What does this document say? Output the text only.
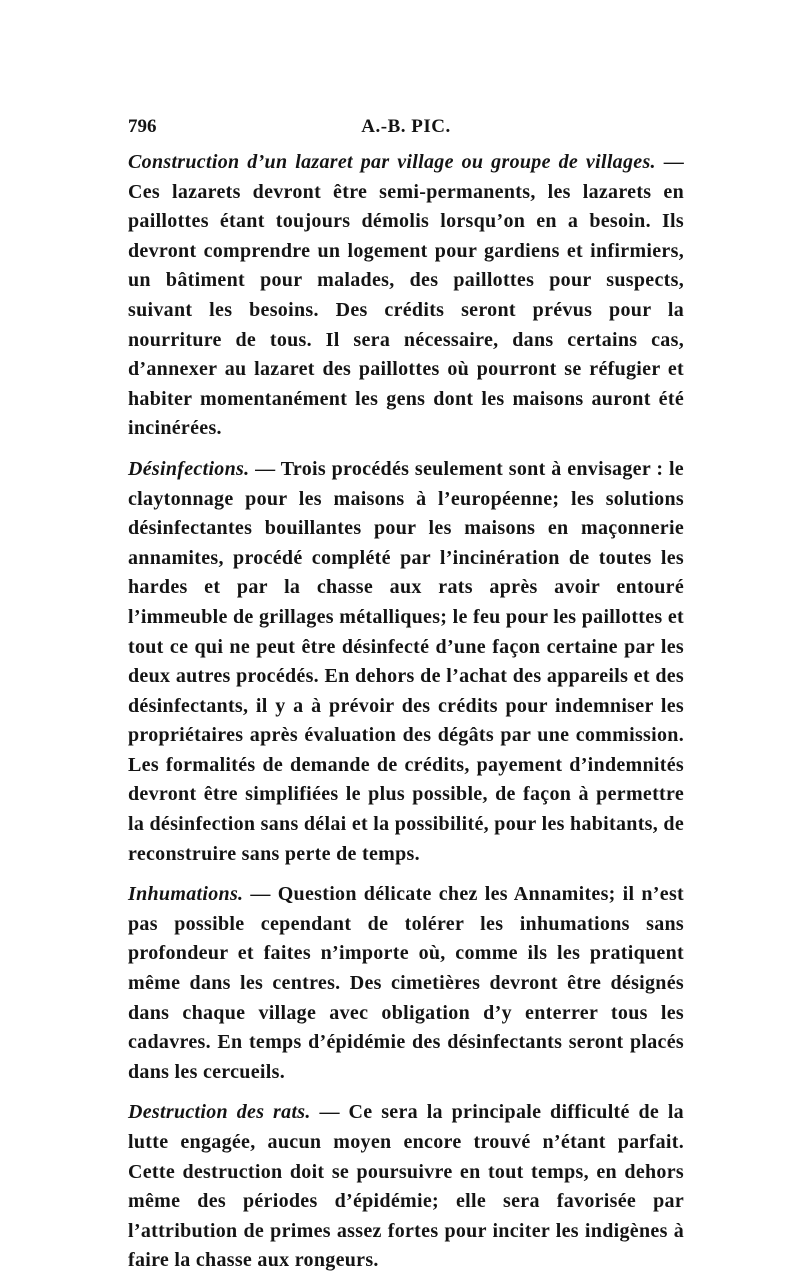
796	A.-B. PIC.

Construction d’un lazaret par village ou groupe de villages. — Ces lazarets devront être semi-permanents, les lazarets en paillottes étant toujours démolis lorsqu’on en a besoin. Ils devront comprendre un logement pour gardiens et infirmiers, un bâtiment pour malades, des paillottes pour suspects, suivant les besoins. Des crédits seront prévus pour la nourriture de tous. Il sera nécessaire, dans certains cas, d’annexer au lazaret des paillottes où pourront se réfugier et habiter momentanément les gens dont les maisons auront été incinérées.

Désinfections. — Trois procédés seulement sont à envisager : le claytonnage pour les maisons à l’européenne; les solutions désinfectantes bouillantes pour les maisons en maçonnerie annamites, procédé complété par l’incinération de toutes les hardes et par la chasse aux rats après avoir entouré l’immeuble de grillages métalliques; le feu pour les paillottes et tout ce qui ne peut être désinfecté d’une façon certaine par les deux autres procédés. En dehors de l’achat des appareils et des désinfectants, il y a à prévoir des crédits pour indemniser les propriétaires après évaluation des dégâts par une commission. Les formalités de demande de crédits, payement d’indemnités devront être simplifiées le plus possible, de façon à permettre la désinfection sans délai et la possibilité, pour les habitants, de reconstruire sans perte de temps.

Inhumations. — Question délicate chez les Annamites; il n’est pas possible cependant de tolérer les inhumations sans profondeur et faites n’importe où, comme ils les pratiquent même dans les centres. Des cimetières devront être désignés dans chaque village avec obligation d’y enterrer tous les cadavres. En temps d’épidémie des désinfectants seront placés dans les cercueils.

Destruction des rats. — Ce sera la principale difficulté de la lutte engagée, aucun moyen encore trouvé n’étant parfait. Cette destruction doit se poursuivre en tout temps, en dehors même des périodes d’épidémie; elle sera favorisée par l’attribution de primes assez fortes pour inciter les indigènes à faire la chasse aux rongeurs.
